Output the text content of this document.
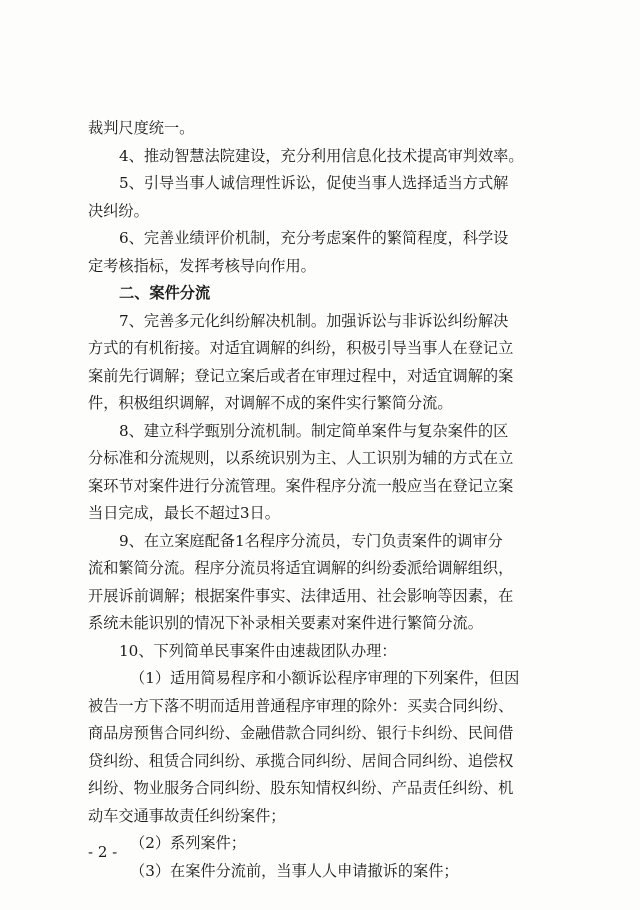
裁判尺度统一。
4、推动智慧法院建设，充分利用信息化技术提高审判效率。
5、引导当事人诚信理性诉讼，促使当事人选择适当方式解
决纠纷。
6、完善业绩评价机制，充分考虑案件的繁简程度，科学设
定考核指标，发挥考核导向作用。
二、案件分流
7、完善多元化纠纷解决机制。加强诉讼与非诉讼纠纷解决
方式的有机衔接。对适宜调解的纠纷，积极引导当事人在登记立
案前先行调解；登记立案后或者在审理过程中，对适宜调解的案
件，积极组织调解，对调解不成的案件实行繁简分流。
8、建立科学甄别分流机制。制定简单案件与复杂案件的区
分标准和分流规则，以系统识别为主、人工识别为辅的方式在立
案环节对案件进行分流管理。案件程序分流一般应当在登记立案
当日完成，最长不超过3日。
9、在立案庭配备1名程序分流员，专门负责案件的调审分
流和繁简分流。程序分流员将适宜调解的纠纷委派给调解组织，
开展诉前调解；根据案件事实、法律适用、社会影响等因素，在
系统未能识别的情况下补录相关要素对案件进行繁简分流。
10、下列简单民事案件由速裁团队办理：
（1）适用简易程序和小额诉讼程序审理的下列案件，但因
被告一方下落不明而适用普通程序审理的除外：买卖合同纠纷、
商品房预售合同纠纷、金融借款合同纠纷、银行卡纠纷、民间借
贷纠纷、租赁合同纠纷、承揽合同纠纷、居间合同纠纷、追偿权
纠纷、物业服务合同纠纷、股东知情权纠纷、产品责任纠纷、机
动车交通事故责任纠纷案件；
（2）系列案件；
（3）在案件分流前，当事人人申请撤诉的案件；
- 2 -
